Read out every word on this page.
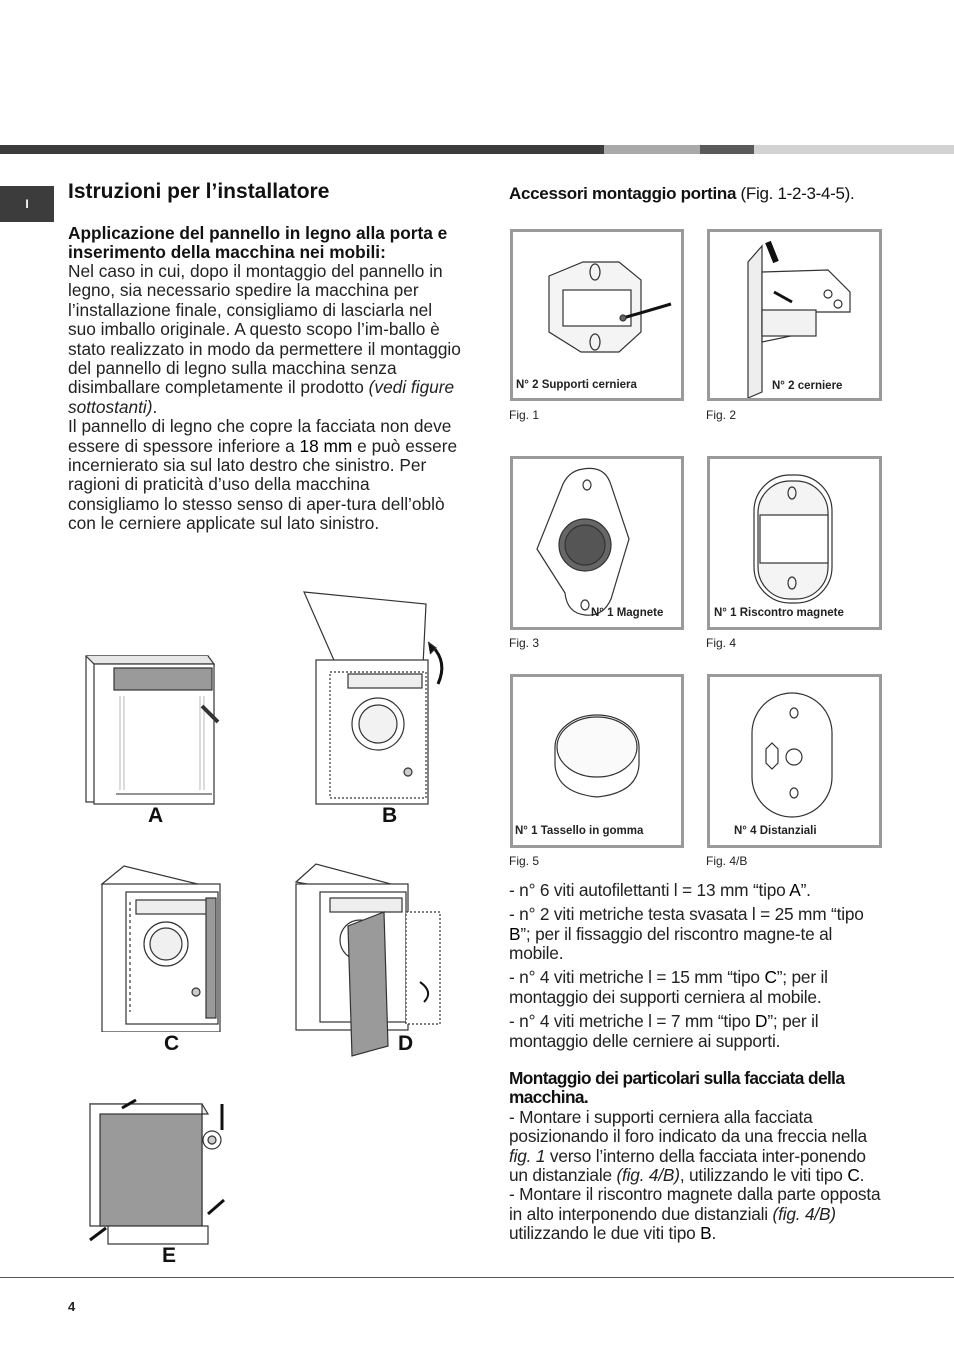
I
Istruzioni per l’installatore
Applicazione del pannello in legno alla porta e inserimento della macchina nei mobili:
Nel caso in cui, dopo il montaggio del pannello in legno, sia necessario spedire la macchina per l’installazione finale, consigliamo di lasciarla nel suo imballo originale. A questo scopo l’im-ballo è stato realizzato in modo da permettere il montaggio del pannello di legno sulla macchina senza disimballare completamente il prodotto (vedi figure sottostanti).
Il pannello di legno che copre la facciata non deve essere di spessore inferiore a 18 mm e può essere incernierato sia sul lato destro che sinistro. Per ragioni di praticità d’uso della macchina consigliamo lo stesso senso di aper-tura dell’oblò con le cerniere applicate sul lato sinistro.
A	B
C	D
E
Accessori montaggio portina (Fig. 1-2-3-4-5).
N° 2 Supporti cerniera
Fig. 1
N° 2 cerniere
Fig. 2
N° 1 Magnete
Fig. 3
N° 1 Riscontro magnete
Fig. 4
N° 1 Tassello in gomma
Fig. 5
N° 4 Distanziali
Fig. 4/B

- n° 6 viti autofilettanti l = 13 mm “tipo A”.

- n° 2 viti metriche testa svasata l = 25 mm “tipo B”; per il fissaggio del riscontro magne-te al mobile.

- n° 4 viti metriche l = 15 mm “tipo C”; per il montaggio dei supporti cerniera al mobile.

- n° 4 viti metriche l = 7 mm “tipo D”; per il montaggio delle cerniere ai supporti.

Montaggio dei particolari sulla facciata della macchina.
- Montare i supporti cerniera alla facciata posizionando il foro indicato da una freccia nella fig. 1 verso l’interno della facciata inter-ponendo un distanziale (fig. 4/B), utilizzando le viti tipo C.
- Montare il riscontro magnete dalla parte opposta in alto interponendo due distanziali (fig. 4/B) utilizzando le due viti tipo B.
4
